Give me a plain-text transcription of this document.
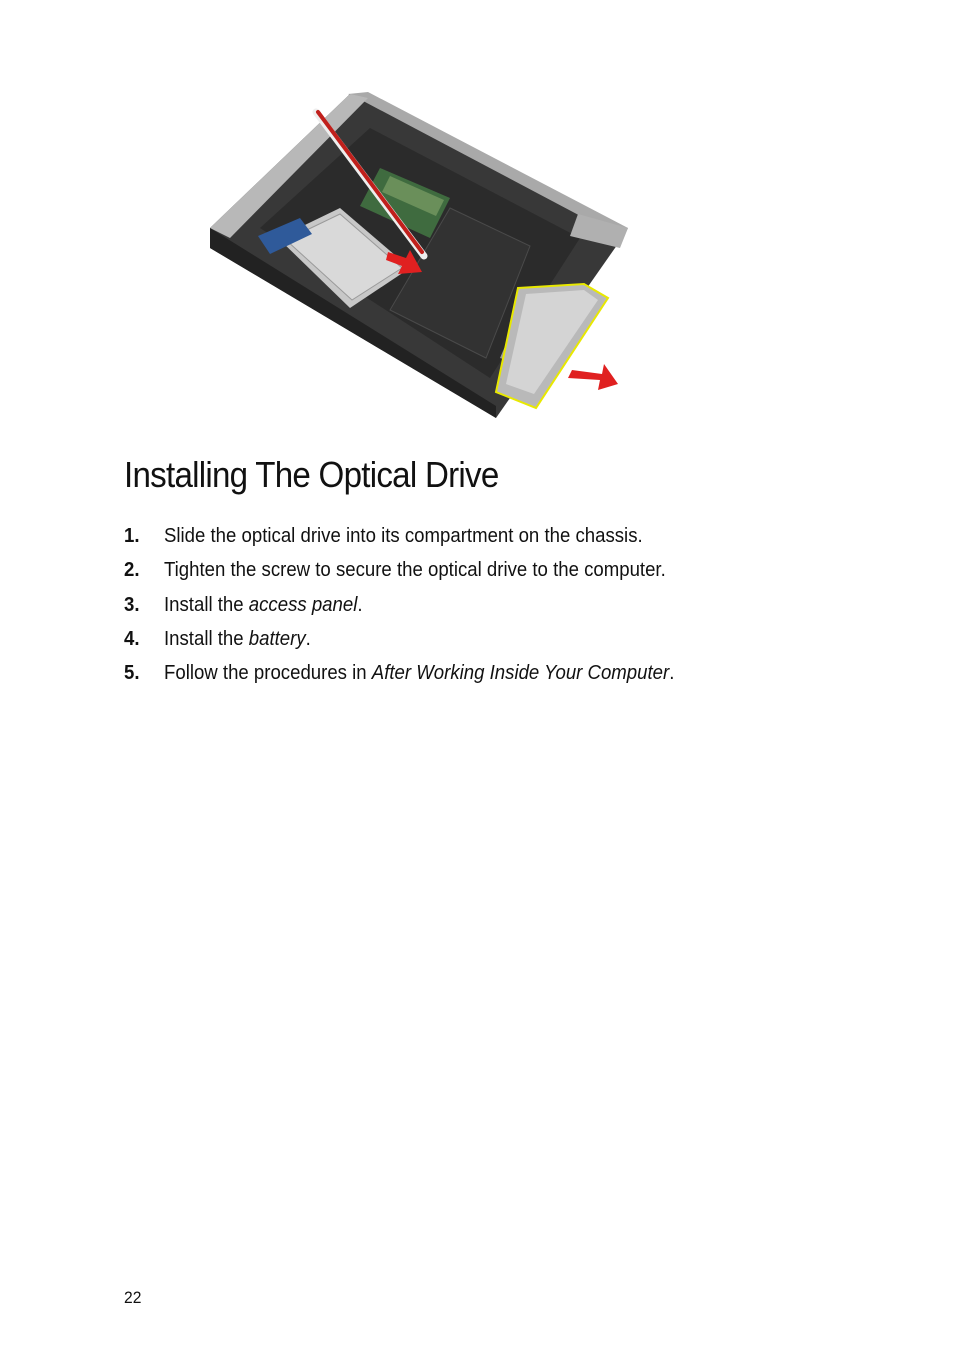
Installing The Optical Drive
1. Slide the optical drive into its compartment on the chassis.
2. Tighten the screw to secure the optical drive to the computer.
3. Install the access panel.
4. Install the battery.
5. Follow the procedures in After Working Inside Your Computer.
22
